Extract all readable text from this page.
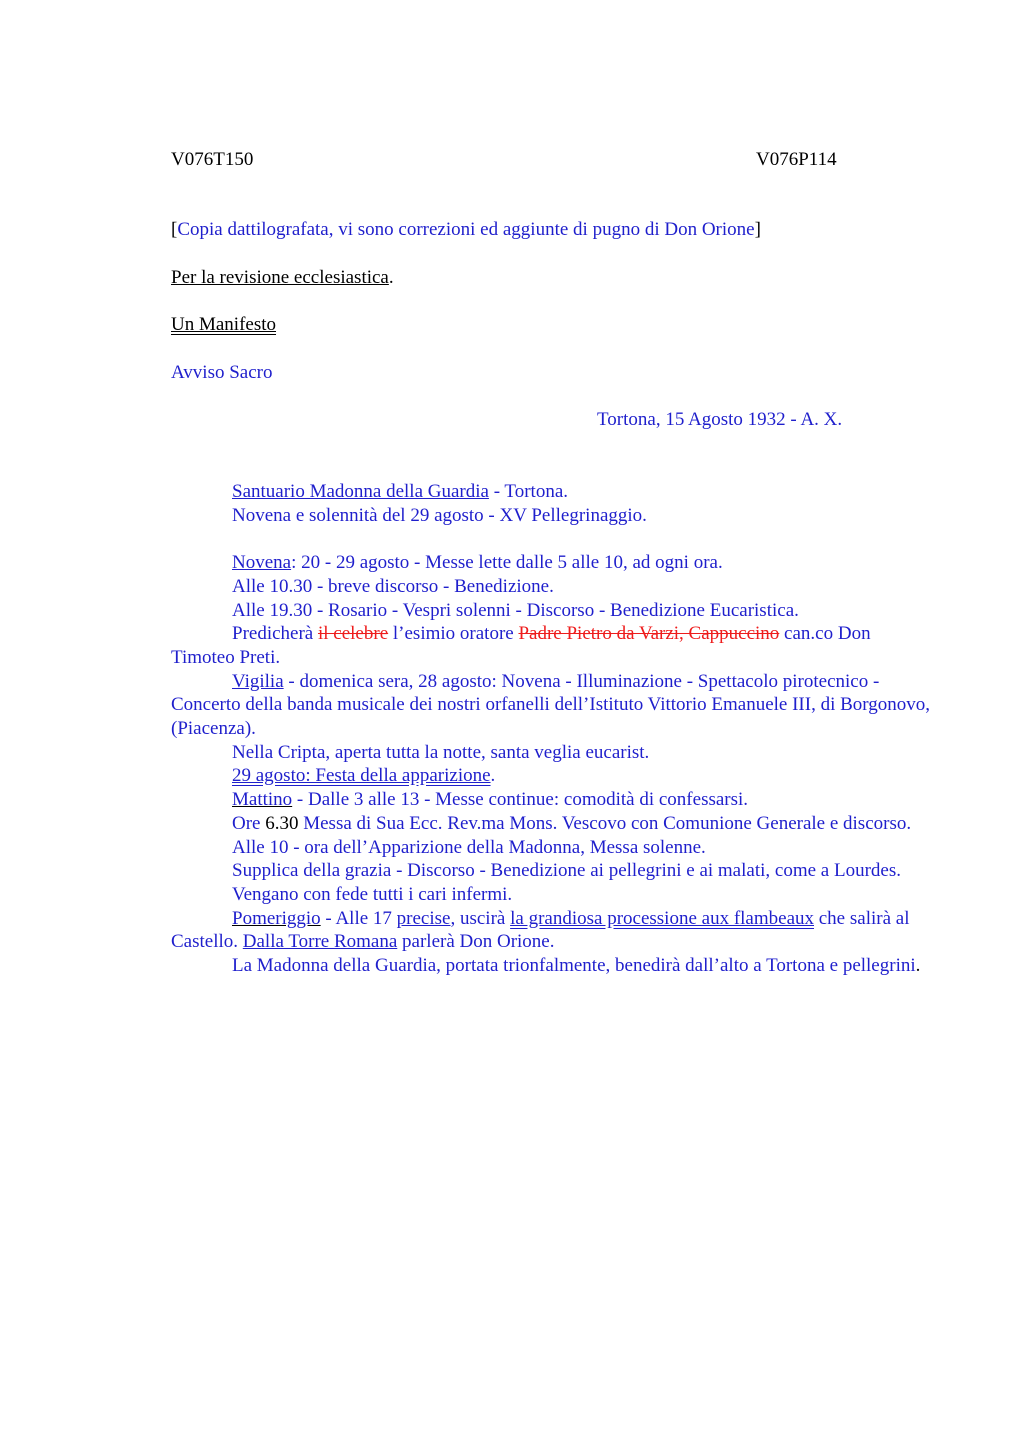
V076T150	V076P114
[Copia dattilografata, vi sono correzioni ed aggiunte di pugno di Don Orione]
Per la revisione ecclesiastica.
Un Manifesto
Avviso Sacro
Tortona, 15 Agosto 1932 - A. X.

Santuario Madonna della Guardia - Tortona.

Novena e solennità del 29 agosto - XV Pellegrinaggio.

Novena: 20 - 29 agosto - Messe lette dalle 5 alle 10, ad ogni ora.

Alle 10.30 - breve discorso - Benedizione.

Alle 19.30 - Rosario - Vespri solenni - Discorso - Benedizione Eucaristica.

Predicherà il celebre l’esimio oratore Padre Pietro da Varzi, Cappuccino can.co Don Timoteo Preti.

Vigilia - domenica sera, 28 agosto: Novena - Illuminazione - Spettacolo pirotecnico - Concerto della banda musicale dei nostri orfanelli dell’Istituto Vittorio Emanuele III, di Borgonovo, (Piacenza).

Nella Cripta, aperta tutta la notte, santa veglia eucarist.

29 agosto: Festa della apparizione.

Mattino - Dalle 3 alle 13 - Messe continue: comodità di confessarsi.

Ore 6.30 Messa di Sua Ecc. Rev.ma Mons. Vescovo con Comunione Generale e discorso.

Alle 10 - ora dell’Apparizione della Madonna, Messa solenne.

Supplica della grazia - Discorso - Benedizione ai pellegrini e ai malati, come a Lourdes.

Vengano con fede tutti i cari infermi.

Pomeriggio - Alle 17 precise, uscirà la grandiosa processione aux flambeaux che salirà al Castello. Dalla Torre Romana parlerà Don Orione.

La Madonna della Guardia, portata trionfalmente, benedirà dall’alto a Tortona e pellegrini.
